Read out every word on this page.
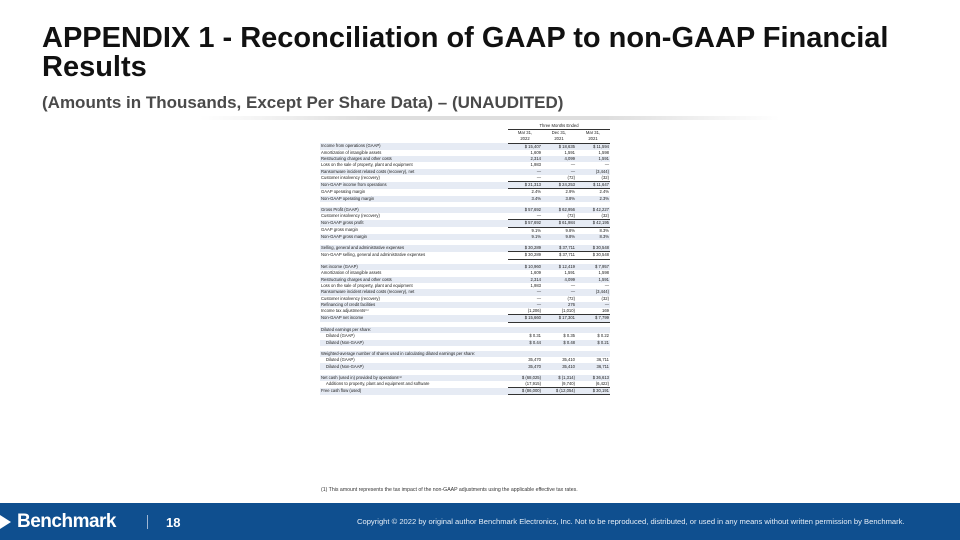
APPENDIX 1 - Reconciliation of GAAP to non-GAAP Financial Results
(Amounts in Thousands, Except Per Share Data) – (UNAUDITED)
	Three Months Ended		
	Mar 31,	Dec 31,	Mar 31,
	2022	2021	2021
Income from operations (GAAP)	$ 15,407	$ 18,635	$ 11,594
Amortization of intangible assets	1,609	1,591	1,598
Restructuring charges and other costs	2,314	4,099	1,591
Loss on the sale of property, plant and equipment	1,983	—	—
Ransomware incident related costs (recovery), net	—	—	(3,444)
Customer insolvency (recovery)	—	(72)	(32)
Non-GAAP income from operations	$ 21,313	$ 24,253	$ 11,647
GAAP operating margin	2.4%	2.9%	2.4%
Non-GAAP operating margin	3.4%	3.8%	2.3%

Gross Profit (GAAP)	$ 57,692	$ 62,956	$ 42,227
Customer insolvency (recovery)	—	(72)	(32)
Non-GAAP gross profit	$ 57,692	$ 61,984	$ 42,195
GAAP gross margin	9.1%	9.8%	8.3%
Non-GAAP gross margin	9.1%	9.8%	8.3%

Selling, general and administrative expenses	$ 30,289	$ 37,711	$ 30,548
Non-GAAP selling, general and administrative expenses	$ 30,289	$ 37,711	$ 30,548

Net income (GAAP)	$ 10,960	$ 12,419	$ 7,957
Amortization of intangible assets	1,609	1,591	1,598
Restructuring charges and other costs	2,314	4,099	1,591
Loss on the sale of property, plant and equipment	1,983	—	—
Ransomware incident related costs (recovery), net	—	—	(3,444)
Customer insolvency (recovery)	—	(72)	(32)
Refinancing of credit facilities	—	276	—
Income tax adjustments⁽¹⁾	(1,206)	(1,010)	169
Non-GAAP net income	$ 15,660	$ 17,301	$ 7,799

Diluted earnings per share:			
Diluted (GAAP)	$ 0.31	$ 0.35	$ 0.22
Diluted (Non-GAAP)	$ 0.44	$ 0.48	$ 0.21

Weighted-average number of shares used in calculating diluted earnings per share:			
Diluted (GAAP)	35,470	35,410	36,711
Diluted (Non-GAAP)	35,470	35,410	36,711

Net cash (used in) provided by operations⁽¹⁾	$ (68,025)	$ (1,314)	$ 36,613
Additions to property, plant and equipment and software	(17,915)	(9,740)	(6,422)
Free cash flow (used)	$ (86,000)	$ (12,054)	$ 30,191
(1) This amount represents the tax impact of the non-GAAP adjustments using the applicable effective tax rates.
Benchmark	18	Copyright © 2022 by original author Benchmark Electronics, Inc. Not to be reproduced, distributed, or used in any means without written permission by Benchmark.
